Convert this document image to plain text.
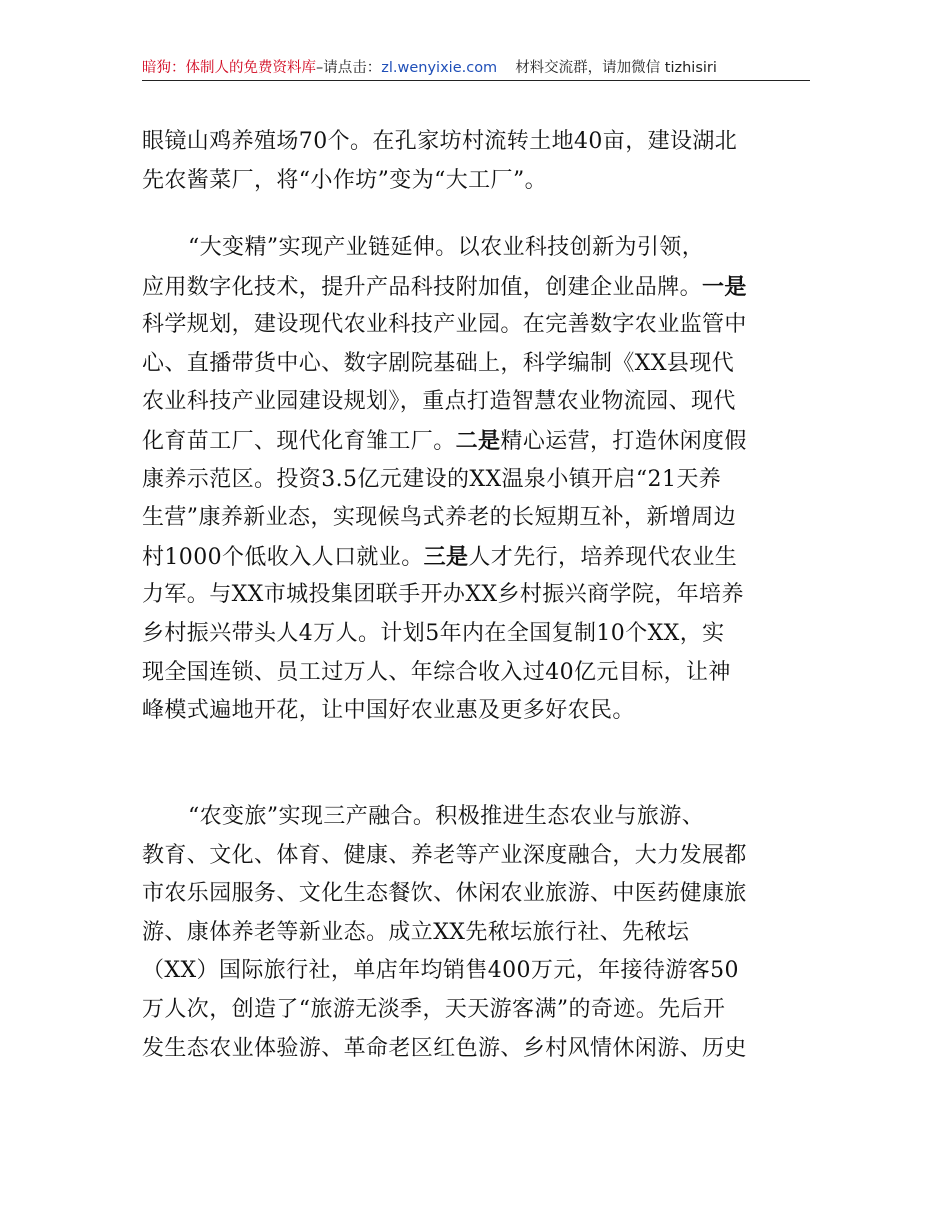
暗狗：体制人的免费资料库–请点击：zl.wenyixie.com 材料交流群，请加微信 tizhisiri
眼镜山鸡养殖场70个。在孔家坊村流转土地40亩，建设湖北
先农酱菜厂，将“小作坊”变为“大工厂”。
“大变精”实现产业链延伸。以农业科技创新为引领，
应用数字化技术，提升产品科技附加值，创建企业品牌。一是
科学规划，建设现代农业科技产业园。在完善数字农业监管中
心、直播带货中心、数字剧院基础上，科学编制《XX县现代
农业科技产业园建设规划》，重点打造智慧农业物流园、现代
化育苗工厂、现代化育雏工厂。二是精心运营，打造休闲度假
康养示范区。投资3.5亿元建设的XX温泉小镇开启“21天养
生营”康养新业态，实现候鸟式养老的长短期互补，新增周边
村1000个低收入人口就业。三是人才先行，培养现代农业生
力军。与XX市城投集团联手开办XX乡村振兴商学院，年培养
乡村振兴带头人4万人。计划5年内在全国复制10个XX，实
现全国连锁、员工过万人、年综合收入过40亿元目标，让神
峰模式遍地开花，让中国好农业惠及更多好农民。
“农变旅”实现三产融合。积极推进生态农业与旅游、
教育、文化、体育、健康、养老等产业深度融合，大力发展都
市农乐园服务、文化生态餐饮、休闲农业旅游、中医药健康旅
游、康体养老等新业态。成立XX先秾坛旅行社、先秾坛
（XX）国际旅行社，单店年均销售400万元，年接待游客50
万人次，创造了“旅游无淡季，天天游客满”的奇迹。先后开
发生态农业体验游、革命老区红色游、乡村风情休闲游、历史
